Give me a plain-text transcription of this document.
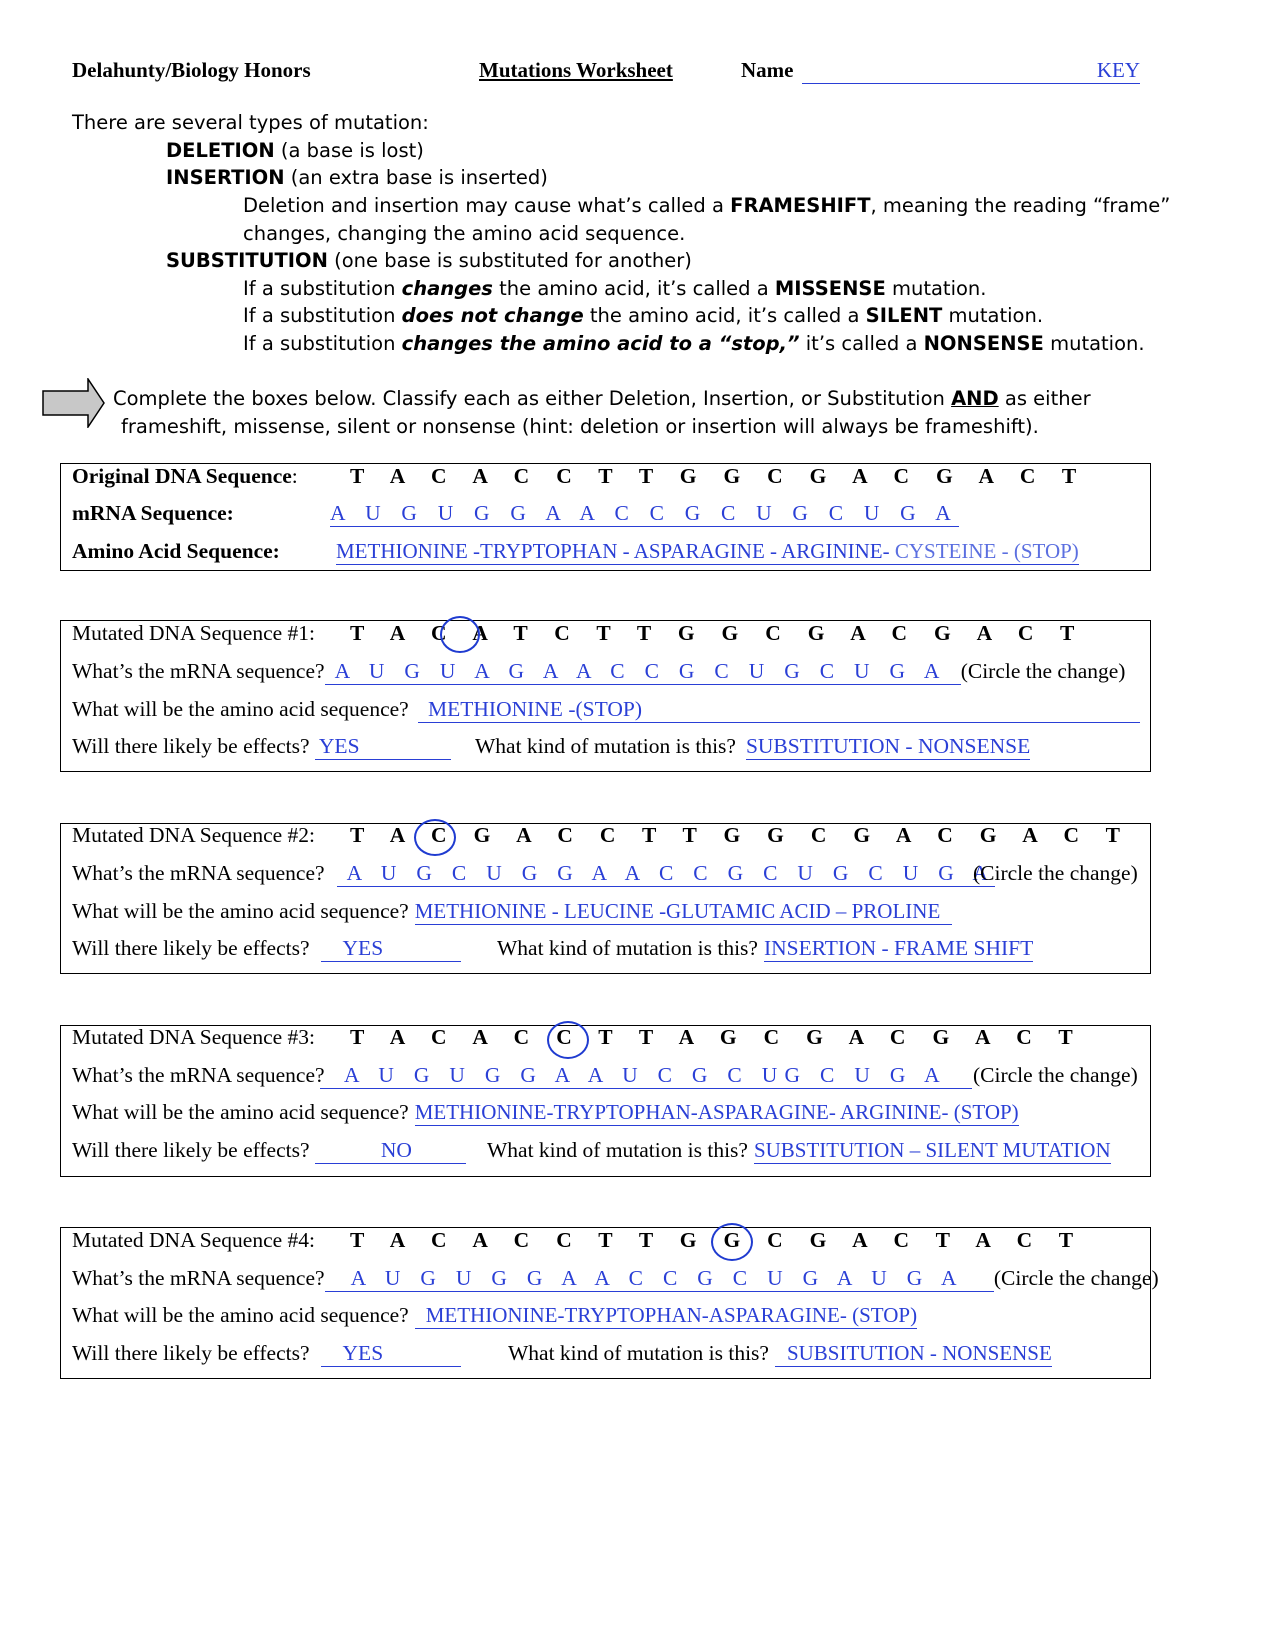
Delahunty/Biology Honors	Mutations Worksheet	Name	KEY
There are several types of mutation:
DELETION (a base is lost)
INSERTION (an extra base is inserted)
Deletion and insertion may cause what’s called a FRAMESHIFT, meaning the reading “frame”
changes, changing the amino acid sequence.
SUBSTITUTION (one base is substituted for another)
If a substitution changes the amino acid, it’s called a MISSENSE mutation.
If a substitution does not change the amino acid, it’s called a SILENT mutation.
If a substitution changes the amino acid to a “stop,” it’s called a NONSENSE mutation.
Complete the boxes below. Classify each as either Deletion, Insertion, or Substitution AND as either
frameshift, missense, silent or nonsense (hint: deletion or insertion will always be frameshift).
Original DNA Sequence: T A C A C C T T G G C G A C G A C T
mRNA Sequence:	A U G U G G A A C C G C U G C U G A
Amino Acid Sequence:	METHIONINE -TRYPTOPHAN - ASPARAGINE - ARGININE- CYSTEINE - (STOP)
Mutated DNA Sequence #1: T A C A T C T T G G C G A C G A C T
What’s the mRNA sequence? A U G U A G A A C C G C U G C U G A (Circle the change)
What will be the amino acid sequence? METHIONINE -(STOP)
Will there likely be effects? YES	What kind of mutation is this? SUBSTITUTION - NONSENSE
Mutated DNA Sequence #2: T A C G A C C T T G G C G A C G A C T
What’s the mRNA sequence? A U G C U G G A A C C G C U G C U G A
(Circle the change)
What will be the amino acid sequence? METHIONINE - LEUCINE -GLUTAMIC ACID – PROLINE
Will there likely be effects? YES	What kind of mutation is this? INSERTION - FRAME SHIFT
Mutated DNA Sequence #3: T A C A C C T T A G C G A C G A C T
What’s the mRNA sequence? A U G U G G A A U C G C UG C U G A	(Circle the change)
What will be the amino acid sequence? METHIONINE-TRYPTOPHAN-ASPARAGINE- ARGININE- (STOP)
Will there likely be effects?	NO	What kind of mutation is this? SUBSTITUTION – SILENT MUTATION
Mutated DNA Sequence #4: T A C A C C T T G G C G A C T A C T
What’s the mRNA sequence? A U G U G G A A C C G C U G A U G A (Circle the change)
What will be the amino acid sequence? METHIONINE-TRYPTOPHAN-ASPARAGINE- (STOP)
Will there likely be effects? YES	What kind of mutation is this? SUBSITUTION - NONSENSE
